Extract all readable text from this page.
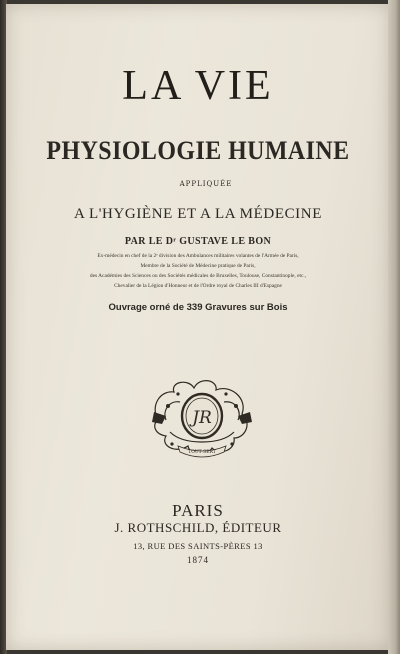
LA VIE
PHYSIOLOGIE HUMAINE
APPLIQUÉE
A L'HYGIÈNE ET A LA MÉDECINE
PAR LE Dʳ GUSTAVE LE BON
Ex-médecin en chef de la 2ᵉ division des Ambulances militaires volantes de l'Armée de Paris,
Membre de la Société de Médecine pratique de Paris,
des Académies des Sciences ou des Sociétés médicales de Bruxelles, Toulouse, Constantinople, etc.,
Chevalier de la Légion d'Honneur et de l'Ordre royal de Charles III d'Espagne
Ouvrage orné de 339 Gravures sur Bois
JR
TOUT SERT
PARIS
J. ROTHSCHILD, ÉDITEUR
13, RUE DES SAINTS-PÈRES 13
1874
